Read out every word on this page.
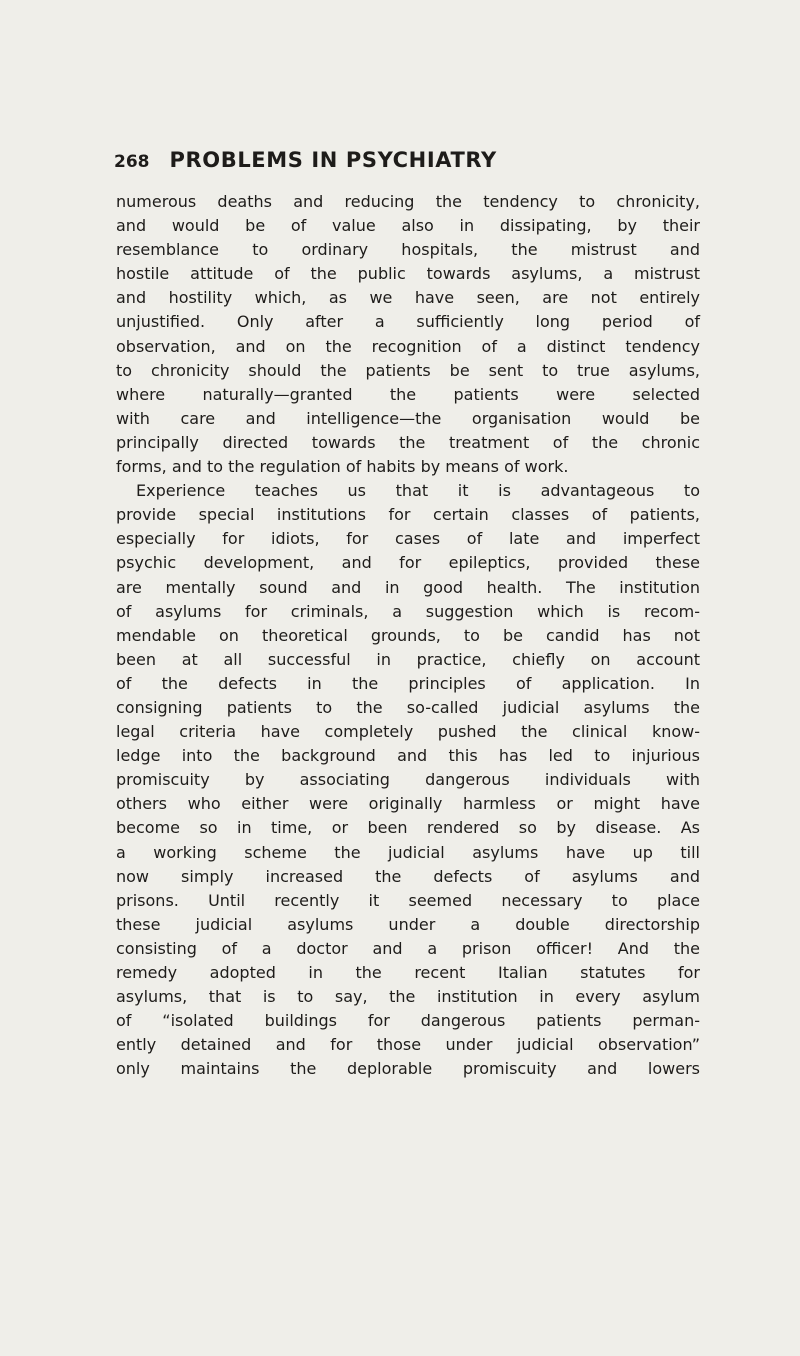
268 PROBLEMS IN PSYCHIATRY
numerous deaths and reducing the tendency to chronicity,
and would be of value also in dissipating, by their
resemblance to ordinary hospitals, the mistrust and
hostile attitude of the public towards asylums, a mistrust
and hostility which, as we have seen, are not entirely
unjustified. Only after a sufficiently long period of
observation, and on the recognition of a distinct tendency
to chronicity should the patients be sent to true asylums,
where naturally—granted the patients were selected
with care and intelligence—the organisation would be
principally directed towards the treatment of the chronic
forms, and to the regulation of habits by means of work.
Experience teaches us that it is advantageous to
provide special institutions for certain classes of patients,
especially for idiots, for cases of late and imperfect
psychic development, and for epileptics, provided these
are mentally sound and in good health. The institution
of asylums for criminals, a suggestion which is recom-
mendable on theoretical grounds, to be candid has not
been at all successful in practice, chiefly on account
of the defects in the principles of application. In
consigning patients to the so-called judicial asylums the
legal criteria have completely pushed the clinical know-
ledge into the background and this has led to injurious
promiscuity by associating dangerous individuals with
others who either were originally harmless or might have
become so in time, or been rendered so by disease. As
a working scheme the judicial asylums have up till
now simply increased the defects of asylums and
prisons. Until recently it seemed necessary to place
these judicial asylums under a double directorship
consisting of a doctor and a prison officer! And the
remedy adopted in the recent Italian statutes for
asylums, that is to say, the institution in every asylum
of “isolated buildings for dangerous patients perman-
ently detained and for those under judicial observation”
only maintains the deplorable promiscuity and lowers
